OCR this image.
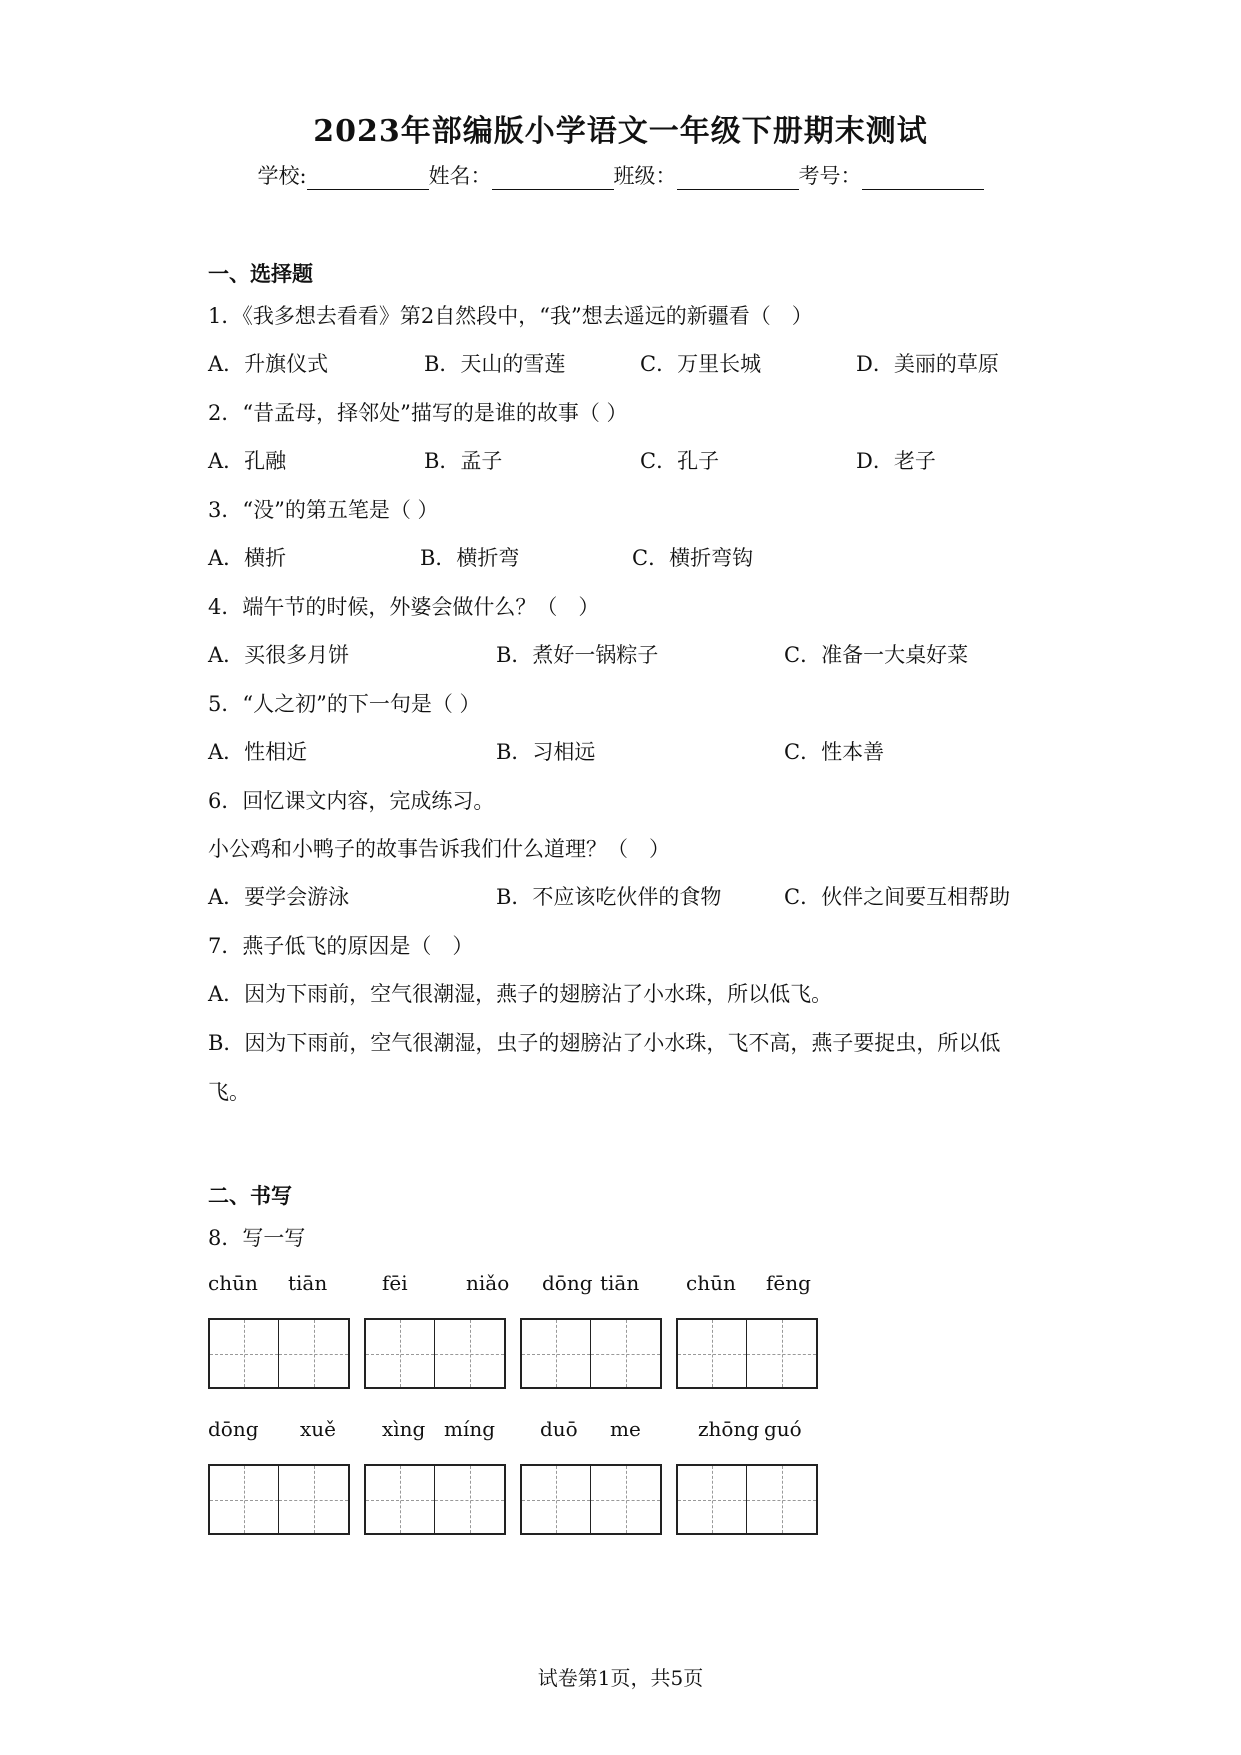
2023年部编版小学语文一年级下册期末测试
学校:	姓名：	班级：	考号：
一、选择题
1．《我多想去看看》第2自然段中，“我”想去遥远的新疆看（　）
A．升旗仪式	B．天山的雪莲	C．万里长城	D．美丽的草原
2．“昔孟母，择邻处”描写的是谁的故事（ ）
A．孔融	B．孟子	C．孔子	D．老子
3．“没”的第五笔是（ ）
A．横折	B．横折弯	C．横折弯钩
4．端午节的时候，外婆会做什么？（　）
A．买很多月饼	B．煮好一锅粽子	C．准备一大桌好菜
5．“人之初”的下一句是（ ）
A．性相近	B．习相远	C．性本善
6．回忆课文内容，完成练习。
小公鸡和小鸭子的故事告诉我们什么道理？（　）
A．要学会游泳	B．不应该吃伙伴的食物	C．伙伴之间要互相帮助
7．燕子低飞的原因是（　）
A．因为下雨前，空气很潮湿，燕子的翅膀沾了小水珠，所以低飞。
B．因为下雨前，空气很潮湿，虫子的翅膀沾了小水珠，飞不高，燕子要捉虫，所以低
飞。
二、书写
8．写一写
chūn tiān	fēi	niǎo dōng tiān chūn fēng
dōng xuě xìng míng duō me	zhōng guó
试卷第1页，共5页
